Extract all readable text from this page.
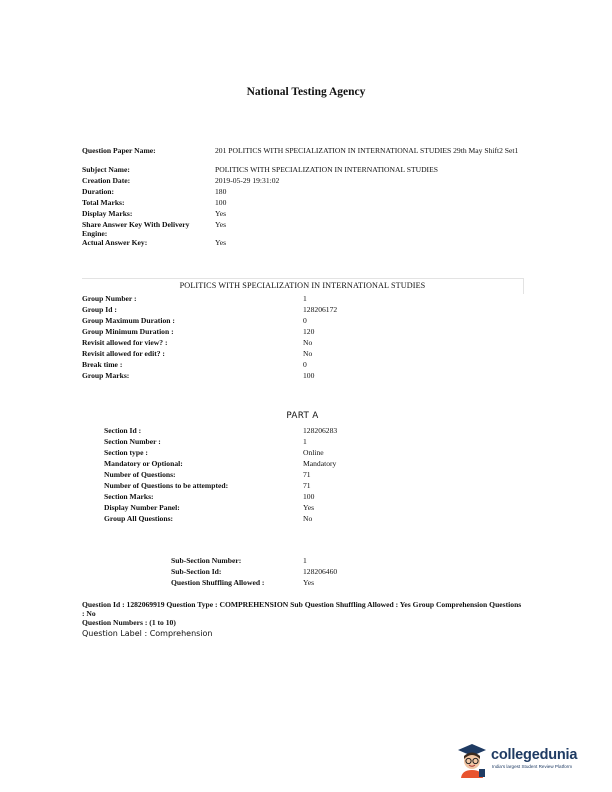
National Testing Agency
Question Paper Name:	201 POLITICS WITH SPECIALIZATION IN INTERNATIONAL STUDIES 29th May Shift2 Set1
Subject Name:	POLITICS WITH SPECIALIZATION IN INTERNATIONAL STUDIES
Creation Date:	2019-05-29 19:31:02
Duration:	180
Total Marks:	100
Display Marks:	Yes
Share Answer Key With Delivery Engine:
Yes
Actual Answer Key:	Yes
POLITICS WITH SPECIALIZATION IN INTERNATIONAL STUDIES
Group Number :	1
Group Id :	128206172
Group Maximum Duration :	0
Group Minimum Duration :	120
Revisit allowed for view? :	No
Revisit allowed for edit? :	No
Break time :	0
Group Marks:	100
PART A
Section Id :	128206283
Section Number :	1
Section type :	Online
Mandatory or Optional:	Mandatory
Number of Questions:	71
Number of Questions to be attempted:	71
Section Marks:	100
Display Number Panel:	Yes
Group All Questions:	No
Sub-Section Number:	1
Sub-Section Id:	128206460
Question Shuffling Allowed :	Yes
Question Id : 1282069919 Question Type : COMPREHENSION Sub Question Shuffling Allowed : Yes Group Comprehension Questions : No
Question Numbers : (1 to 10)
Question Label : Comprehension
collegedunia
India's largest Student Review Platform
